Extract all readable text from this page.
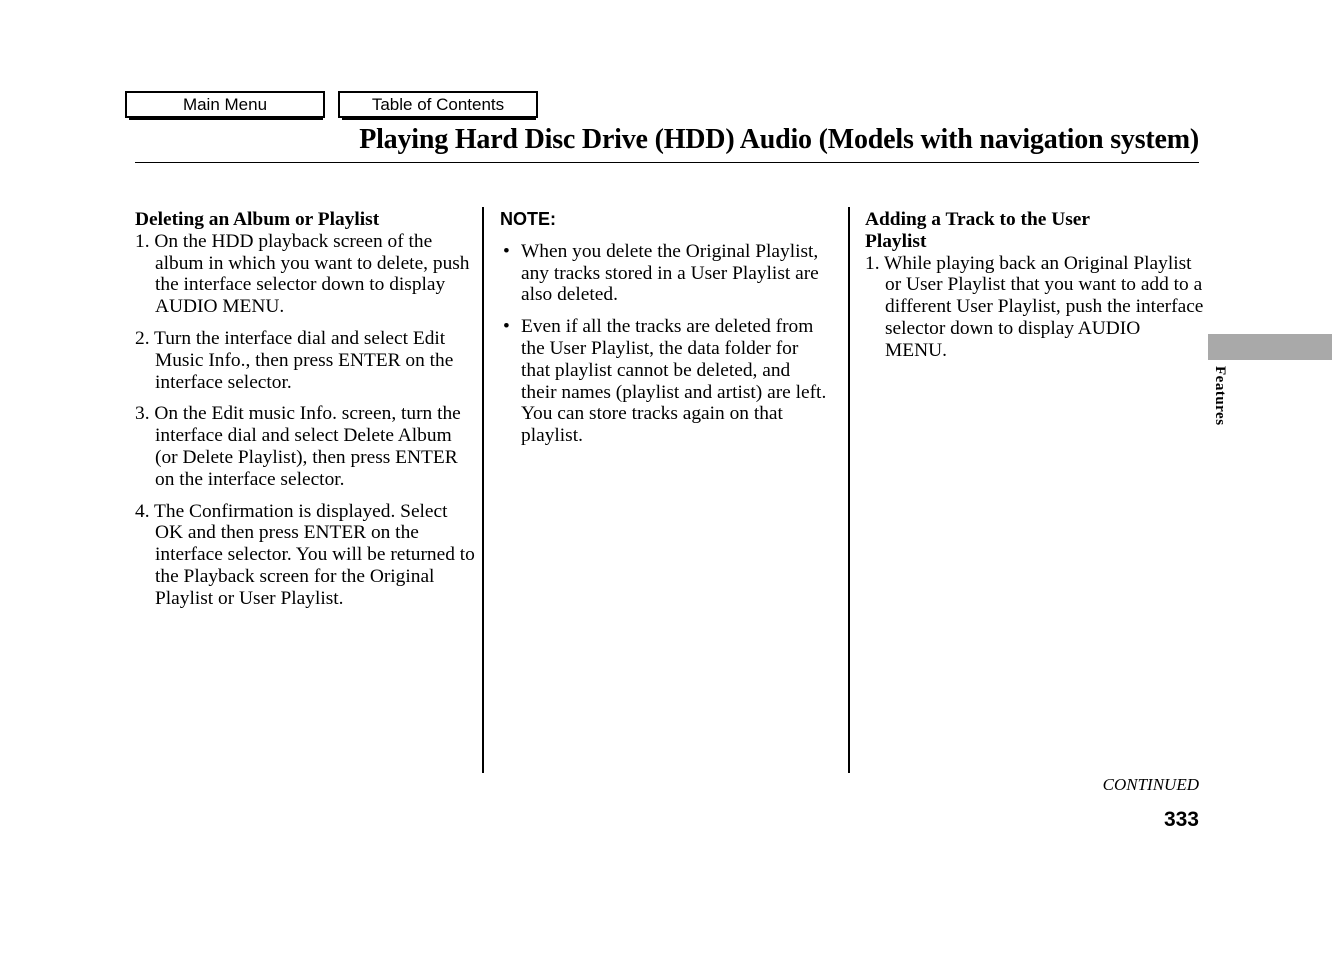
Main Menu	Table of Contents
Playing Hard Disc Drive (HDD) Audio (Models with navigation system)
Deleting an Album or Playlist
1. On the HDD playback screen of the album in which you want to delete, push the interface selector down to display AUDIO MENU.
2. Turn the interface dial and select Edit Music Info., then press ENTER on the interface selector.
3. On the Edit music Info. screen, turn the interface dial and select Delete Album (or Delete Playlist), then press ENTER on the interface selector.
4. The Confirmation is displayed. Select OK and then press ENTER on the interface selector. You will be returned to the Playback screen for the Original Playlist or User Playlist.
NOTE:
• When you delete the Original Playlist, any tracks stored in a User Playlist are also deleted.
• Even if all the tracks are deleted from the User Playlist, the data folder for that playlist cannot be deleted, and their names (playlist and artist) are left. You can store tracks again on that playlist.
Adding a Track to the User Playlist
1. While playing back an Original Playlist or User Playlist that you want to add to a different User Playlist, push the interface selector down to display AUDIO MENU.
Features
CONTINUED
333
